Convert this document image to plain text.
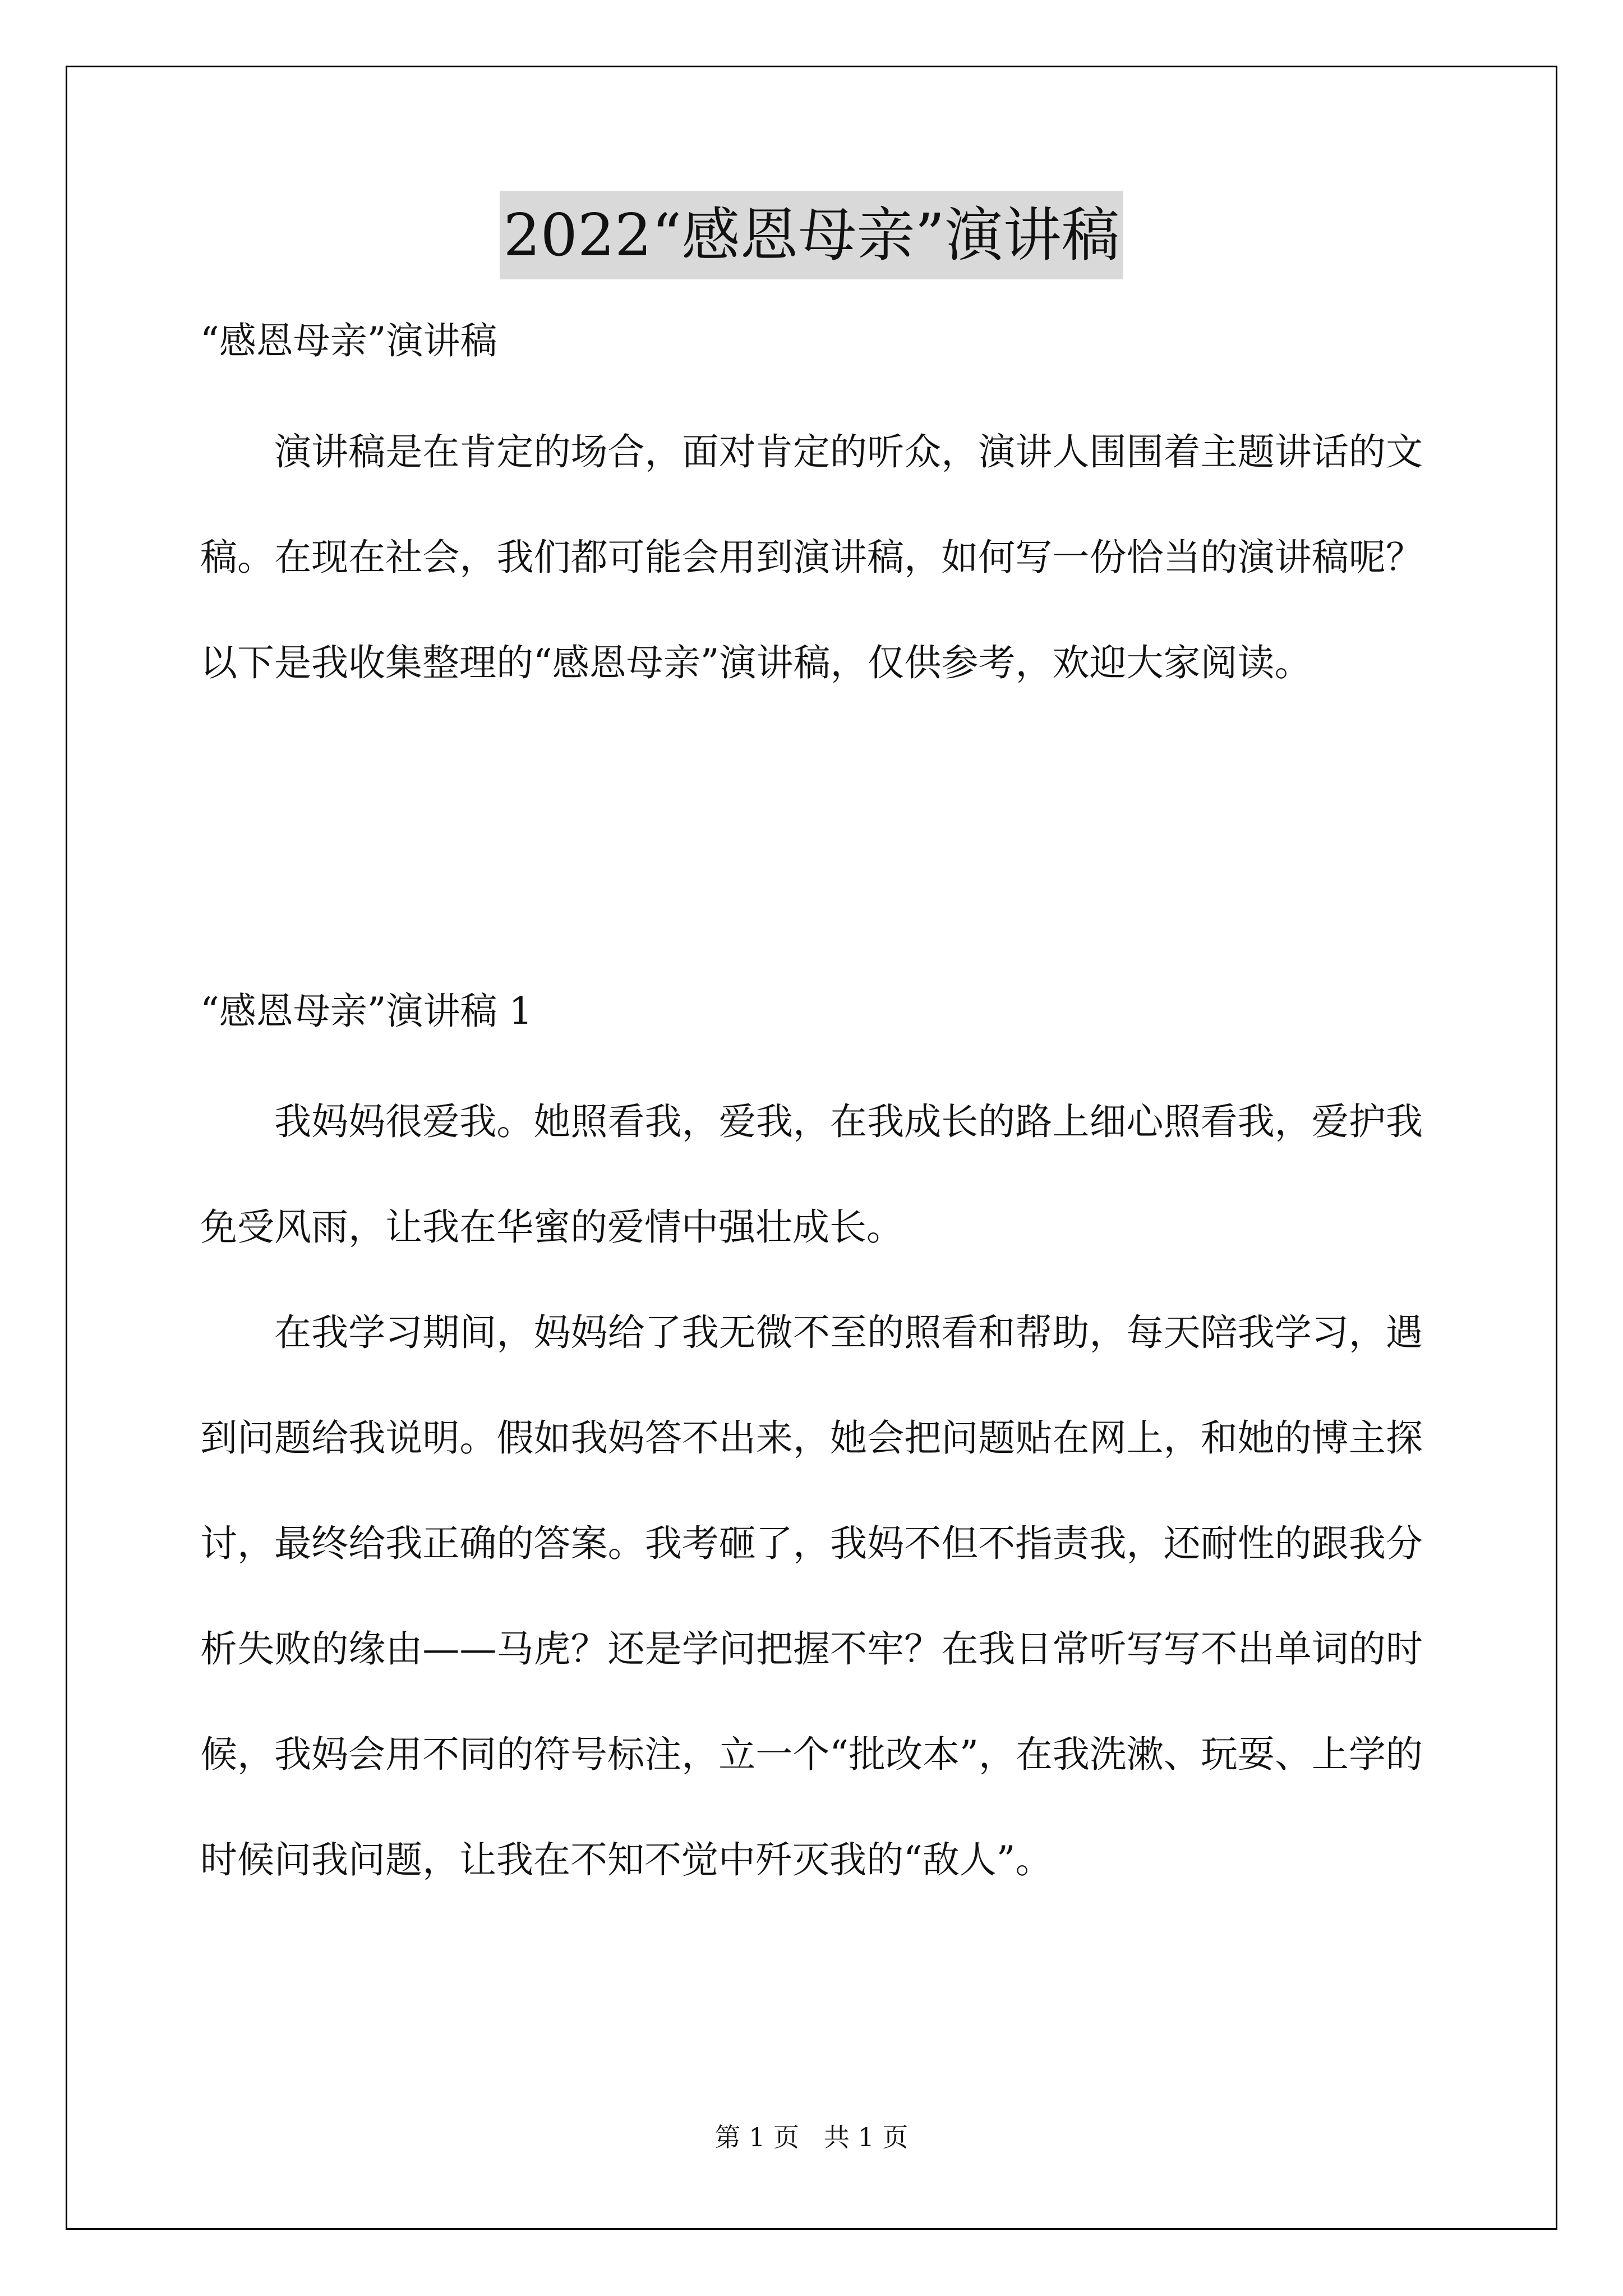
2022“感恩母亲”演讲稿
“感恩母亲”演讲稿

演讲稿是在肯定的场合，面对肯定的听众，演讲人围围着主题讲话的文稿。在现在社会，我们都可能会用到演讲稿，如何写一份恰当的演讲稿呢？以下是我收集整理的“感恩母亲”演讲稿，仅供参考，欢迎大家阅读。

“感恩母亲”演讲稿 1

我妈妈很爱我。她照看我，爱我，在我成长的路上细心照看我，爱护我免受风雨，让我在华蜜的爱情中强壮成长。

在我学习期间，妈妈给了我无微不至的照看和帮助，每天陪我学习，遇到问题给我说明。假如我妈答不出来，她会把问题贴在网上，和她的博主探讨，最终给我正确的答案。我考砸了，我妈不但不指责我，还耐性的跟我分析失败的缘由——马虎？还是学问把握不牢？在我日常听写写不出单词的时候，我妈会用不同的符号标注，立一个“批改本”，在我洗漱、玩耍、上学的时候问我问题，让我在不知不觉中歼灭我的“敌人”。

第 1 页   共 1 页
